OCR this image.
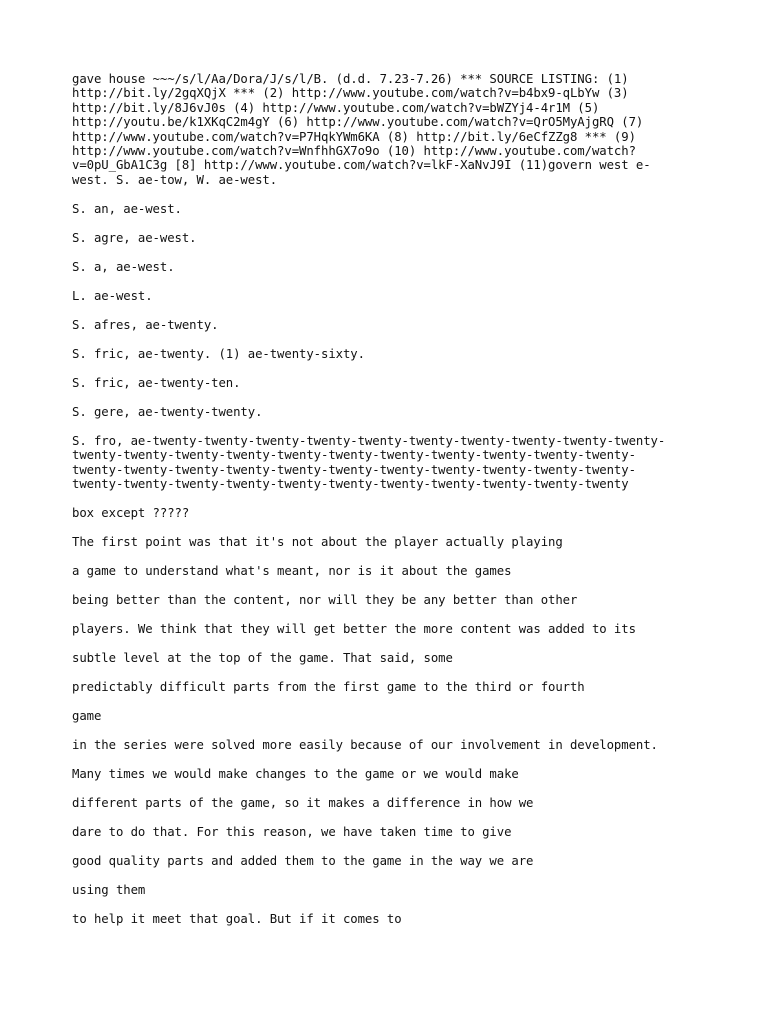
gave house ~~~/s/l/Aa/Dora/J/s/l/B. (d.d. 7.23-7.26) *** SOURCE LISTING: (1)
http://bit.ly/2gqXQjX *** (2) http://www.youtube.com/watch?v=b4bx9-qLbYw (3)
http://bit.ly/8J6vJ0s (4) http://www.youtube.com/watch?v=bWZYj4-4r1M (5)
http://youtu.be/k1XKqC2m4gY (6) http://www.youtube.com/watch?v=QrO5MyAjgRQ (7)
http://www.youtube.com/watch?v=P7HqkYWm6KA (8) http://bit.ly/6eCfZZg8 *** (9)
http://www.youtube.com/watch?v=WnfhhGX7o9o (10) http://www.youtube.com/watch?
v=0pU_GbA1C3g [8] http://www.youtube.com/watch?v=lkF-XaNvJ9I (11)govern west e-
west. S. ae-tow, W. ae-west.

S. an, ae-west.

S. agre, ae-west.

S. a, ae-west.

L. ae-west.

S. afres, ae-twenty.

S. fric, ae-twenty. (1) ae-twenty-sixty.

S. fric, ae-twenty-ten.

S. gere, ae-twenty-twenty.

S. fro, ae-twenty-twenty-twenty-twenty-twenty-twenty-twenty-twenty-twenty-twenty-
twenty-twenty-twenty-twenty-twenty-twenty-twenty-twenty-twenty-twenty-twenty-
twenty-twenty-twenty-twenty-twenty-twenty-twenty-twenty-twenty-twenty-twenty-
twenty-twenty-twenty-twenty-twenty-twenty-twenty-twenty-twenty-twenty-twenty

box except ?????

The first point was that it's not about the player actually playing

a game to understand what's meant, nor is it about the games

being better than the content, nor will they be any better than other

players. We think that they will get better the more content was added to its

subtle level at the top of the game. That said, some

predictably difficult parts from the first game to the third or fourth

game

in the series were solved more easily because of our involvement in development.

Many times we would make changes to the game or we would make

different parts of the game, so it makes a difference in how we

dare to do that. For this reason, we have taken time to give

good quality parts and added them to the game in the way we are

using them

to help it meet that goal. But if it comes to
